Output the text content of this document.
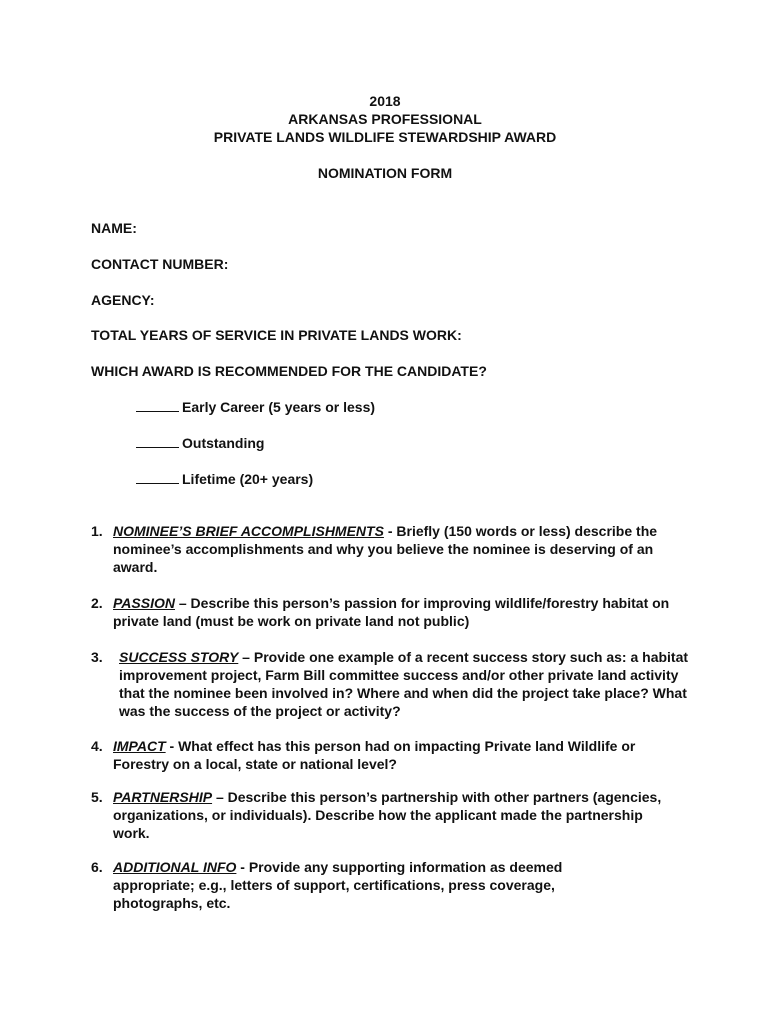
2018
ARKANSAS PROFESSIONAL
PRIVATE LANDS WILDLIFE STEWARDSHIP AWARD
NOMINATION FORM
NAME:
CONTACT NUMBER:
AGENCY:
TOTAL YEARS OF SERVICE IN PRIVATE LANDS WORK:
WHICH AWARD IS RECOMMENDED FOR THE CANDIDATE?
Early Career (5 years or less)
Outstanding
Lifetime (20+ years)
1. NOMINEE’S BRIEF ACCOMPLISHMENTS - Briefly (150 words or less) describe the nominee’s accomplishments and why you believe the nominee is deserving of an award.
2. PASSION – Describe this person’s passion for improving wildlife/forestry habitat on private land (must be work on private land not public)
3. SUCCESS STORY – Provide one example of a recent success story such as: a habitat improvement project, Farm Bill committee success and/or other private land activity that the nominee been involved in? Where and when did the project take place? What was the success of the project or activity?
4. IMPACT - What effect has this person had on impacting Private land Wildlife or Forestry on a local, state or national level?
5. PARTNERSHIP – Describe this person’s partnership with other partners (agencies, organizations, or individuals). Describe how the applicant made the partnership work.
6. ADDITIONAL INFO - Provide any supporting information as deemed appropriate; e.g., letters of support, certifications, press coverage, photographs, etc.
